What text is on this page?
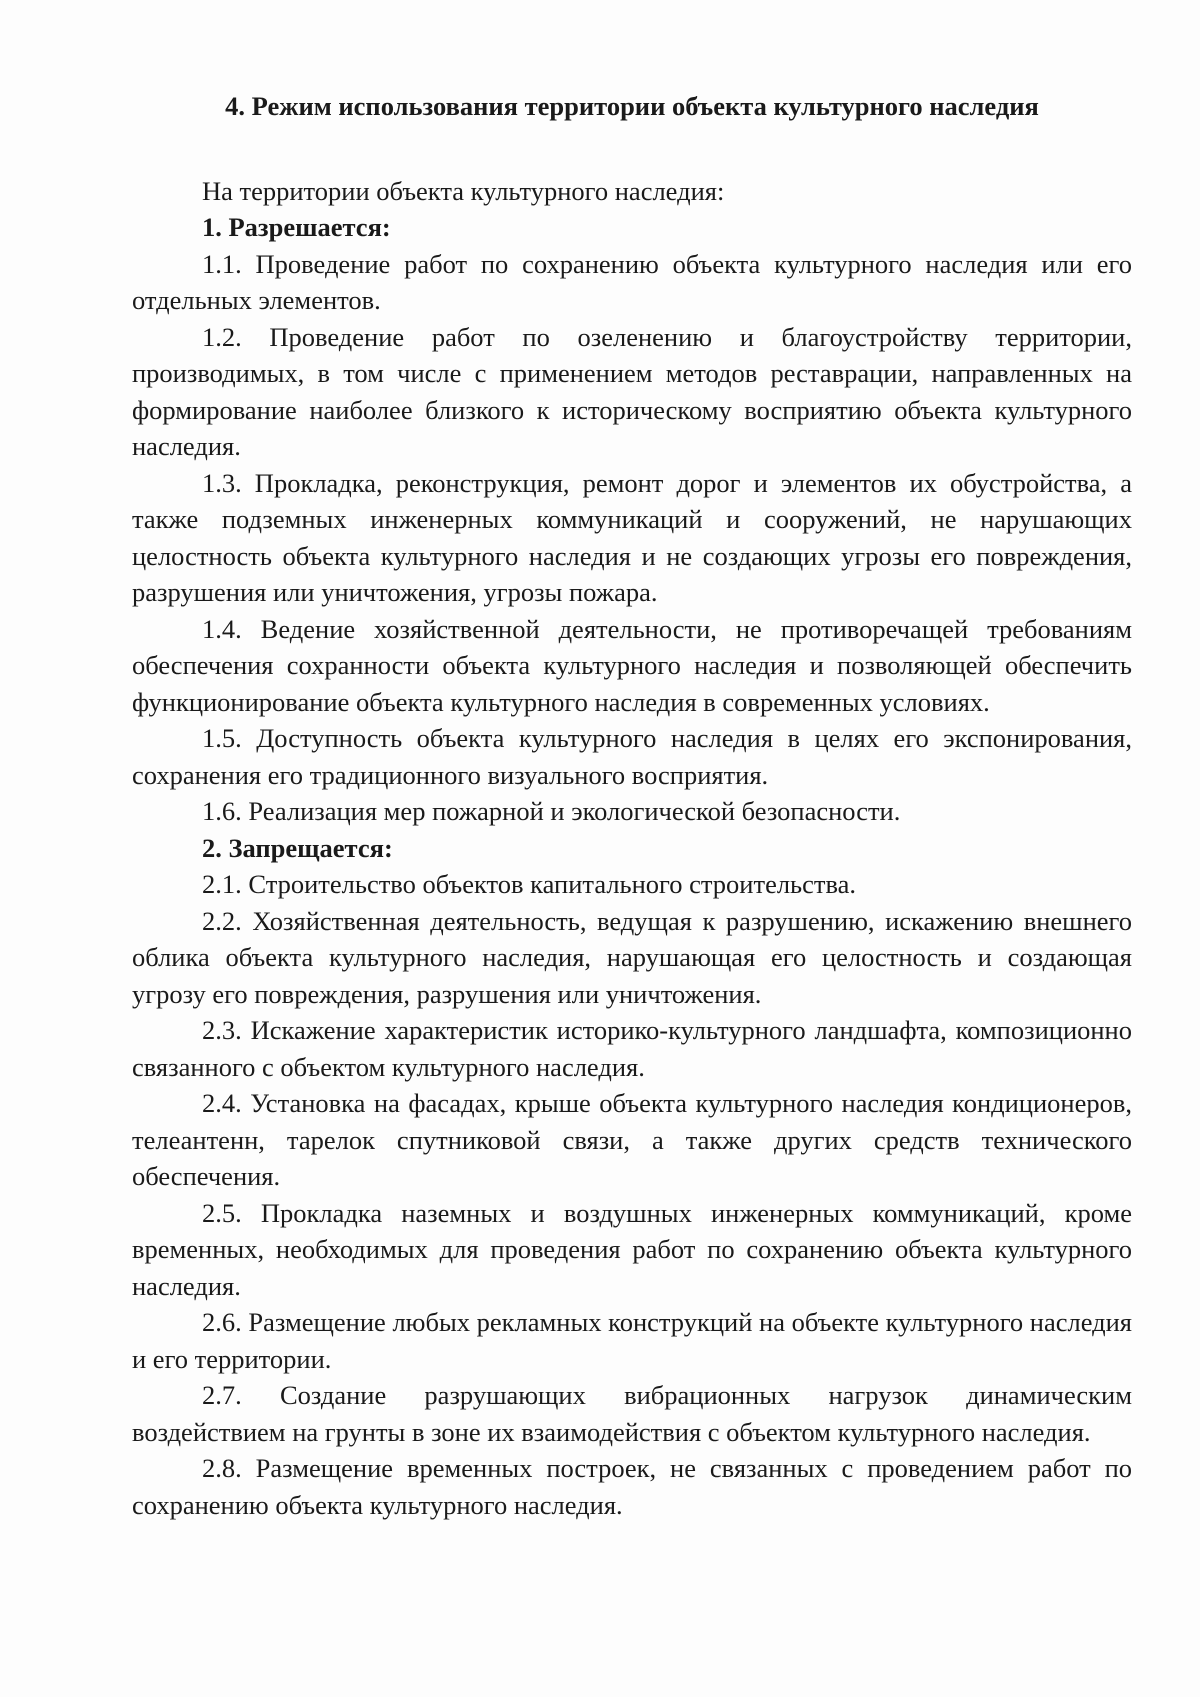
4. Режим использования территории объекта культурного наследия

На территории объекта культурного наследия:

1. Разрешается:

1.1. Проведение работ по сохранению объекта культурного наследия или его отдельных элементов.

1.2. Проведение работ по озеленению и благоустройству территории, производимых, в том числе с применением методов реставрации, направленных на формирование наиболее близкого к историческому восприятию объекта культурного наследия.

1.3. Прокладка, реконструкция, ремонт дорог и элементов их обустройства, а также подземных инженерных коммуникаций и сооружений, не нарушающих целостность объекта культурного наследия и не создающих угрозы его повреждения, разрушения или уничтожения, угрозы пожара.

1.4. Ведение хозяйственной деятельности, не противоречащей требованиям обеспечения сохранности объекта культурного наследия и позволяющей обеспечить функционирование объекта культурного наследия в современных условиях.

1.5. Доступность объекта культурного наследия в целях его экспонирования, сохранения его традиционного визуального восприятия.

1.6. Реализация мер пожарной и экологической безопасности.

2. Запрещается:

2.1. Строительство объектов капитального строительства.

2.2. Хозяйственная деятельность, ведущая к разрушению, искажению внешнего облика объекта культурного наследия, нарушающая его целостность и создающая угрозу его повреждения, разрушения или уничтожения.

2.3. Искажение характеристик историко-культурного ландшафта, композиционно связанного с объектом культурного наследия.

2.4. Установка на фасадах, крыше объекта культурного наследия кондиционеров, телеантенн, тарелок спутниковой связи, а также других средств технического обеспечения.

2.5. Прокладка наземных и воздушных инженерных коммуникаций, кроме временных, необходимых для проведения работ по сохранению объекта культурного наследия.

2.6. Размещение любых рекламных конструкций на объекте культурного наследия и его территории.

2.7. Создание разрушающих вибрационных нагрузок динамическим воздействием на грунты в зоне их взаимодействия с объектом культурного наследия.

2.8. Размещение временных построек, не связанных с проведением работ по сохранению объекта культурного наследия.
